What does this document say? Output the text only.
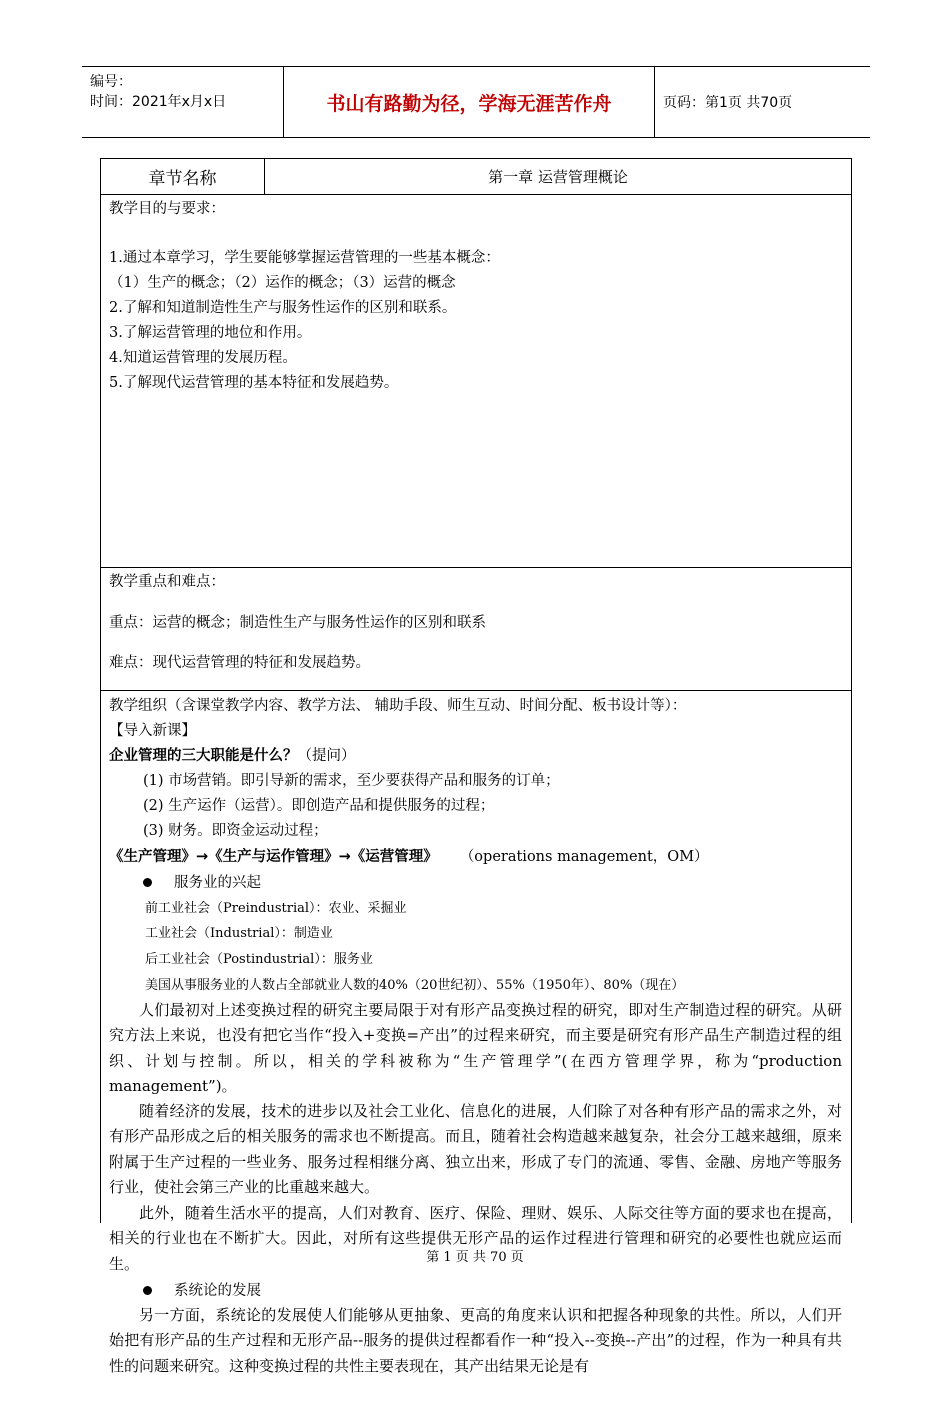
编号：
时间：2021年x月x日	书山有路勤为径，学海无涯苦作舟	页码：第1页 共70页
章节名称	第一章 运营管理概论
教学目的与要求：
1.通过本章学习，学生要能够掌握运营管理的一些基本概念：
（1）生产的概念；（2）运作的概念；（3）运营的概念
2.了解和知道制造性生产与服务性运作的区别和联系。
3.了解运营管理的地位和作用。
4.知道运营管理的发展历程。
5.了解现代运营管理的基本特征和发展趋势。
教学重点和难点：
重点：运营的概念；制造性生产与服务性运作的区别和联系
难点：现代运营管理的特征和发展趋势。
教学组织（含课堂教学内容、教学方法、 辅助手段、师生互动、时间分配、板书设计等）：
【导入新课】
企业管理的三大职能是什么？（提问）
(1) 市场营销。即引导新的需求，至少要获得产品和服务的订单；
(2) 生产运作（运营）。即创造产品和提供服务的过程；
(3) 财务。即资金运动过程；
《生产管理》→《生产与运作管理》→《运营管理》 （operations management，OM）
服务业的兴起
前工业社会（Preindustrial）：农业、采掘业
工业社会（Industrial）：制造业
后工业社会（Postindustrial）：服务业
美国从事服务业的人数占全部就业人数的40%（20世纪初）、55%（1950年）、80%（现在）
人们最初对上述变换过程的研究主要局限于对有形产品变换过程的研究，即对生产制造过程的研究。从研究方法上来说，也没有把它当作“投入+变换=产出”的过程来研究，而主要是研究有形产品生产制造过程的组织、计划与控制。所以，相关的学科被称为“生产管理学”(在西方管理学界，称为“production management”)。
随着经济的发展，技术的进步以及社会工业化、信息化的进展，人们除了对各种有形产品的需求之外，对有形产品形成之后的相关服务的需求也不断提高。而且，随着社会构造越来越复杂，社会分工越来越细，原来附属于生产过程的一些业务、服务过程相继分离、独立出来，形成了专门的流通、零售、金融、房地产等服务行业，使社会第三产业的比重越来越大。
此外，随着生活水平的提高，人们对教育、医疗、保险、理财、娱乐、人际交往等方面的要求也在提高，相关的行业也在不断扩大。因此，对所有这些提供无形产品的运作过程进行管理和研究的必要性也就应运而生。
系统论的发展
另一方面，系统论的发展使人们能够从更抽象、更高的角度来认识和把握各种现象的共性。所以，人们开始把有形产品的生产过程和无形产品--服务的提供过程都看作一种“投入--变换--产出”的过程，作为一种具有共性的问题来研究。这种变换过程的共性主要表现在，其产出结果无论是有
第 1 页 共 70 页
